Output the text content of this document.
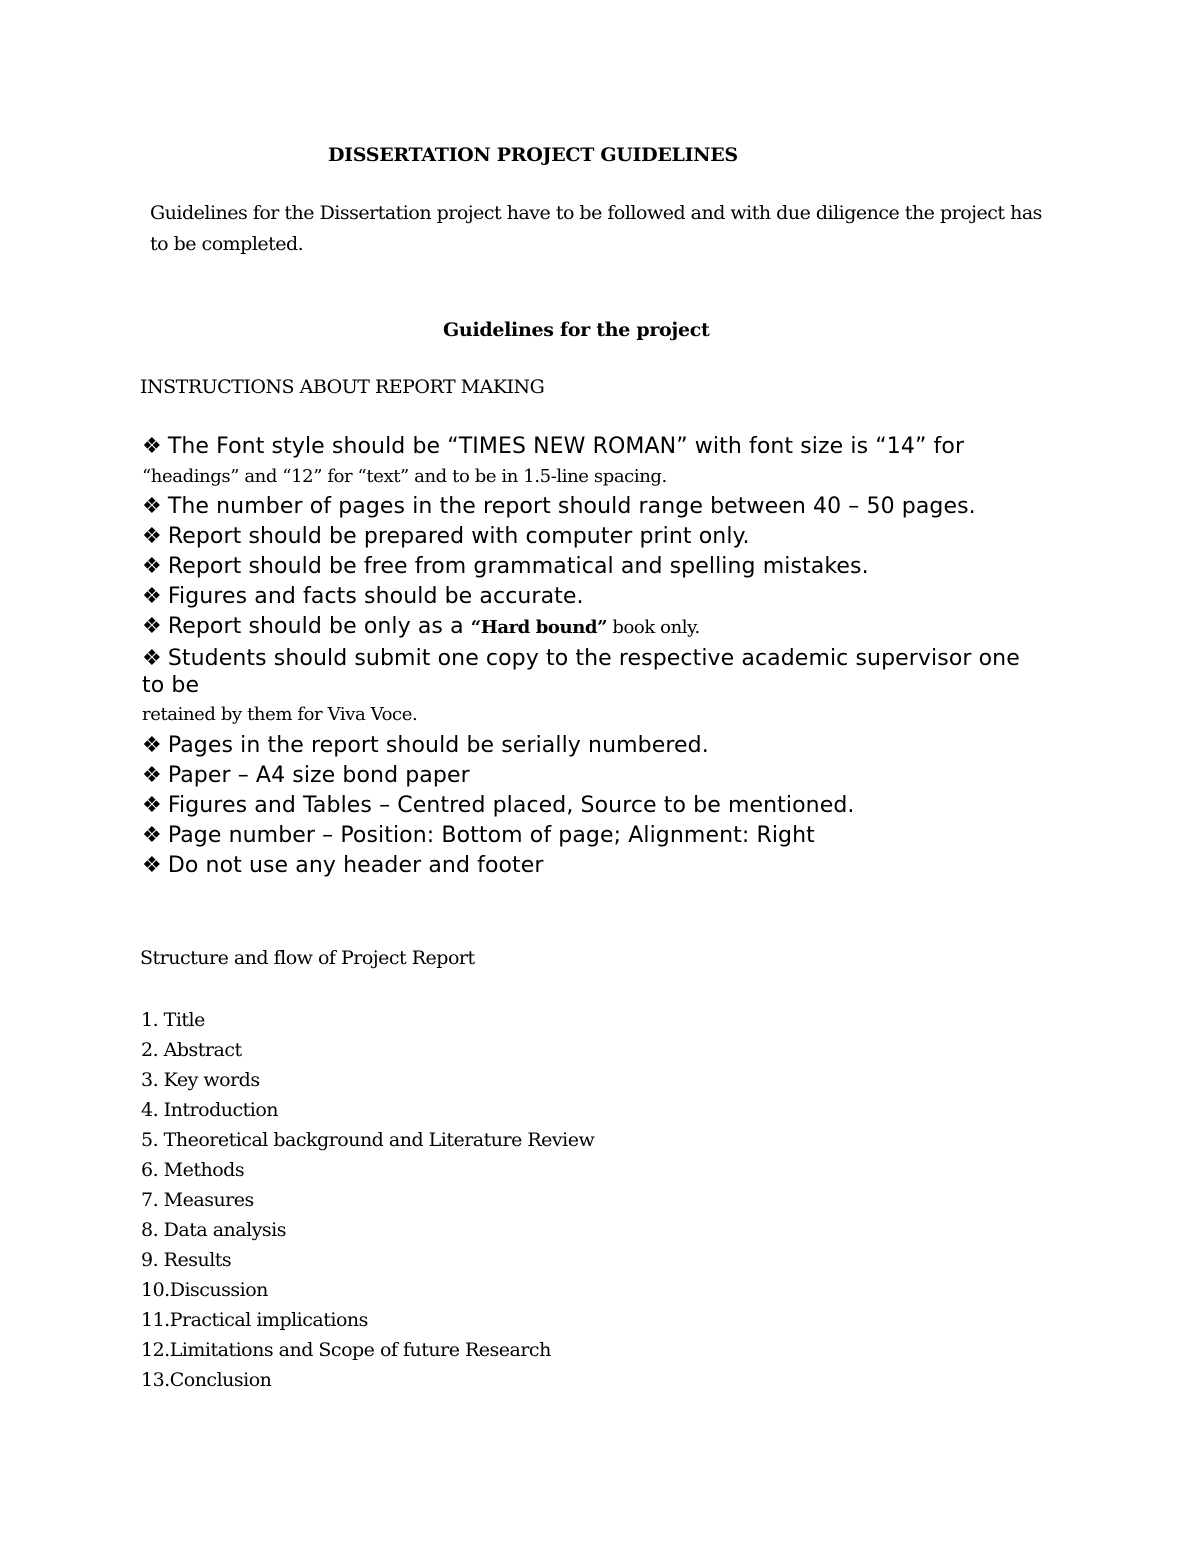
DISSERTATION PROJECT GUIDELINES
Guidelines for the Dissertation project have to be followed and with due diligence the project has to be completed.
Guidelines for the project
INSTRUCTIONS ABOUT REPORT MAKING
❖ The Font style should be “TIMES NEW ROMAN” with font size is “14” for
“headings” and “12” for “text” and to be in 1.5-line spacing.
❖ The number of pages in the report should range between 40 – 50 pages.
❖ Report should be prepared with computer print only.
❖ Report should be free from grammatical and spelling mistakes.
❖ Figures and facts should be accurate.
❖ Report should be only as a “Hard bound” book only.
❖ Students should submit one copy to the respective academic supervisor one to be
retained by them for Viva Voce.
❖ Pages in the report should be serially numbered.
❖ Paper – A4 size bond paper
❖ Figures and Tables – Centred placed, Source to be mentioned.
❖ Page number – Position: Bottom of page; Alignment: Right
❖ Do not use any header and footer
Structure and flow of Project Report
1. Title
2. Abstract
3. Key words
4. Introduction
5. Theoretical background and Literature Review
6. Methods
7. Measures
8. Data analysis
9. Results
10.Discussion
11.Practical implications
12.Limitations and Scope of future Research
13.Conclusion
